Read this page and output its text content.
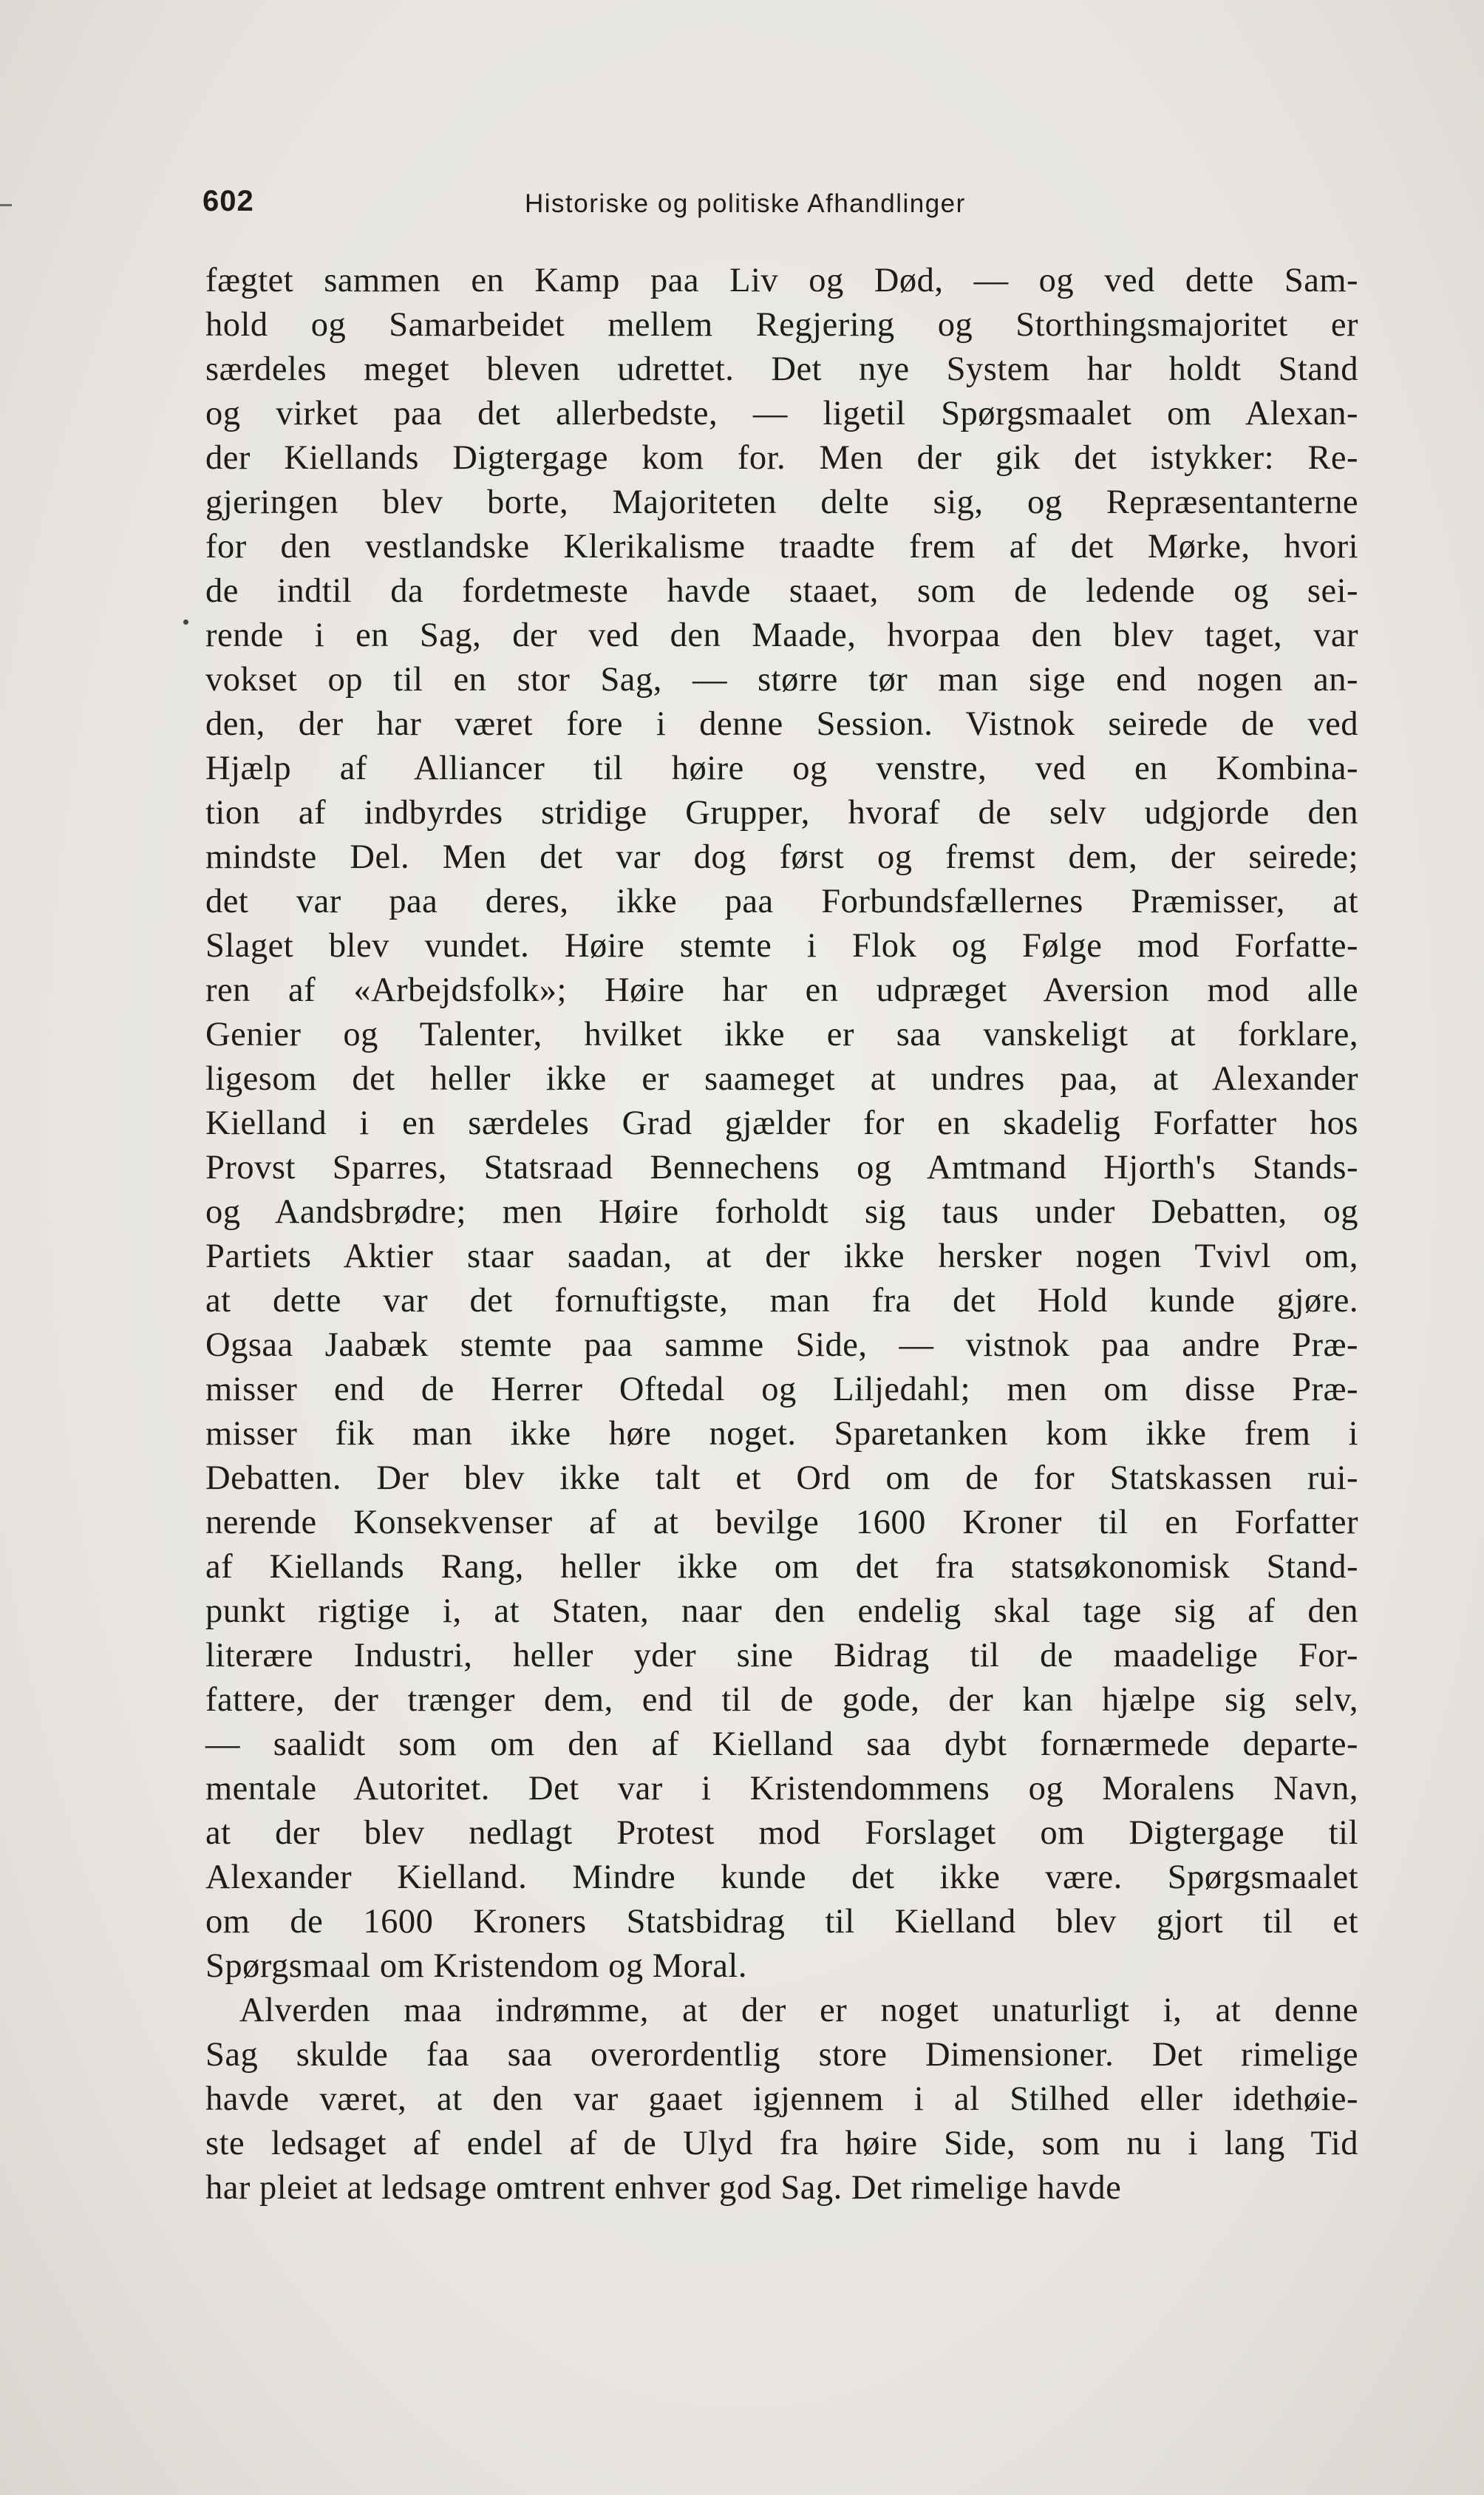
602	Historiske og politiske Afhandlinger
fægtet sammen en Kamp paa Liv og Død, — og ved dette Sam-
hold og Samarbeidet mellem Regjering og Storthingsmajoritet er
særdeles meget bleven udrettet. Det nye System har holdt Stand
og virket paa det allerbedste, — ligetil Spørgsmaalet om Alexan-
der Kiellands Digtergage kom for. Men der gik det istykker: Re-
gjeringen blev borte, Majoriteten delte sig, og Repræsentanterne
for den vestlandske Klerikalisme traadte frem af det Mørke, hvori
de indtil da fordetmeste havde staaet, som de ledende og sei-
rende i en Sag, der ved den Maade, hvorpaa den blev taget, var
vokset op til en stor Sag, — større tør man sige end nogen an-
den, der har været fore i denne Session. Vistnok seirede de ved
Hjælp af Alliancer til høire og venstre, ved en Kombina-
tion af indbyrdes stridige Grupper, hvoraf de selv udgjorde den
mindste Del. Men det var dog først og fremst dem, der seirede;
det var paa deres, ikke paa Forbundsfællernes Præmisser, at
Slaget blev vundet. Høire stemte i Flok og Følge mod Forfatte-
ren af «Arbejdsfolk»; Høire har en udpræget Aversion mod alle
Genier og Talenter, hvilket ikke er saa vanskeligt at forklare,
ligesom det heller ikke er saameget at undres paa, at Alexander
Kielland i en særdeles Grad gjælder for en skadelig Forfatter hos
Provst Sparres, Statsraad Bennechens og Amtmand Hjorth's Stands-
og Aandsbrødre; men Høire forholdt sig taus under Debatten, og
Partiets Aktier staar saadan, at der ikke hersker nogen Tvivl om,
at dette var det fornuftigste, man fra det Hold kunde gjøre.
Ogsaa Jaabæk stemte paa samme Side, — vistnok paa andre Præ-
misser end de Herrer Oftedal og Liljedahl; men om disse Præ-
misser fik man ikke høre noget. Sparetanken kom ikke frem i
Debatten. Der blev ikke talt et Ord om de for Statskassen rui-
nerende Konsekvenser af at bevilge 1600 Kroner til en Forfatter
af Kiellands Rang, heller ikke om det fra statsøkonomisk Stand-
punkt rigtige i, at Staten, naar den endelig skal tage sig af den
literære Industri, heller yder sine Bidrag til de maadelige For-
fattere, der trænger dem, end til de gode, der kan hjælpe sig selv,
— saalidt som om den af Kielland saa dybt fornærmede departe-
mentale Autoritet. Det var i Kristendommens og Moralens Navn,
at der blev nedlagt Protest mod Forslaget om Digtergage til
Alexander Kielland. Mindre kunde det ikke være. Spørgsmaalet
om de 1600 Kroners Statsbidrag til Kielland blev gjort til et
Spørgsmaal om Kristendom og Moral.
Alverden maa indrømme, at der er noget unaturligt i, at denne
Sag skulde faa saa overordentlig store Dimensioner. Det rimelige
havde været, at den var gaaet igjennem i al Stilhed eller idethøie-
ste ledsaget af endel af de Ulyd fra høire Side, som nu i lang Tid
har pleiet at ledsage omtrent enhver god Sag. Det rimelige havde
